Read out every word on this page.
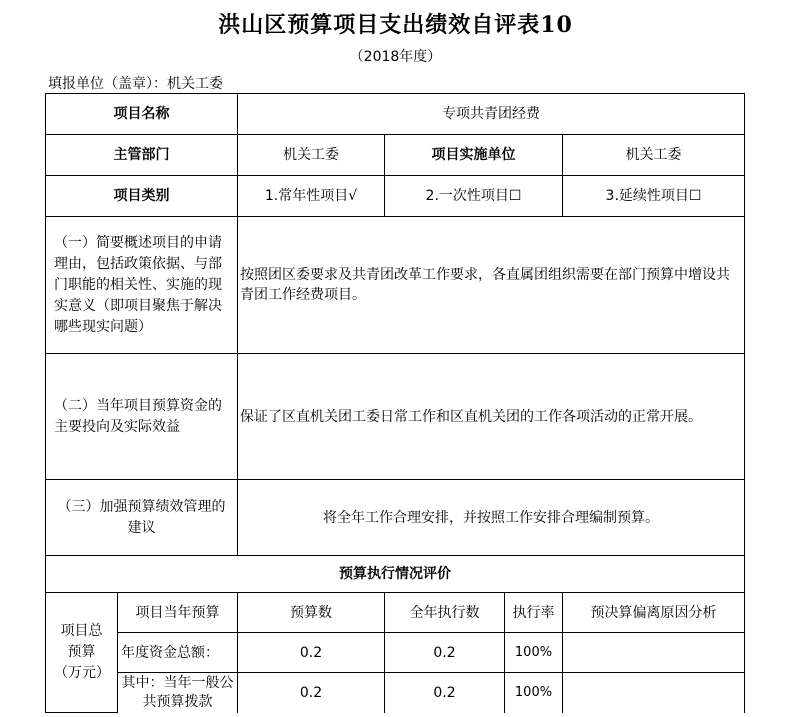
洪山区预算项目支出绩效自评表10
（2018年度）
填报单位（盖章）：机关工委
项目名称		专项共青团经费			
主管部门		机关工委	项目实施单位		机关工委
项目类别		1.常年性项目√	2.一次性项目☐		3.延续性项目☐
（一）简要概述项目的申请理由，包括政策依据、与部门职能的相关性、实施的现实意义（即项目聚焦于解决哪些现实问题）		按照团区委要求及共青团改革工作要求，各直属团组织需要在部门预算中增设共青团工作经费项目。			
（二）当年项目预算资金的主要投向及实际效益		保证了区直机关团工委日常工作和区直机关团的工作各项活动的正常开展。			
（三）加强预算绩效管理的建议		将全年工作合理安排，并按照工作安排合理编制预算。			
预算执行情况评价					
项目总预算（万元）	项目当年预算	预算数	全年执行数	执行率	预决算偏离原因分析
	年度资金总额：	0.2	0.2	100%	
	其中：当年一般公共预算拨款	0.2	0.2	100%	
